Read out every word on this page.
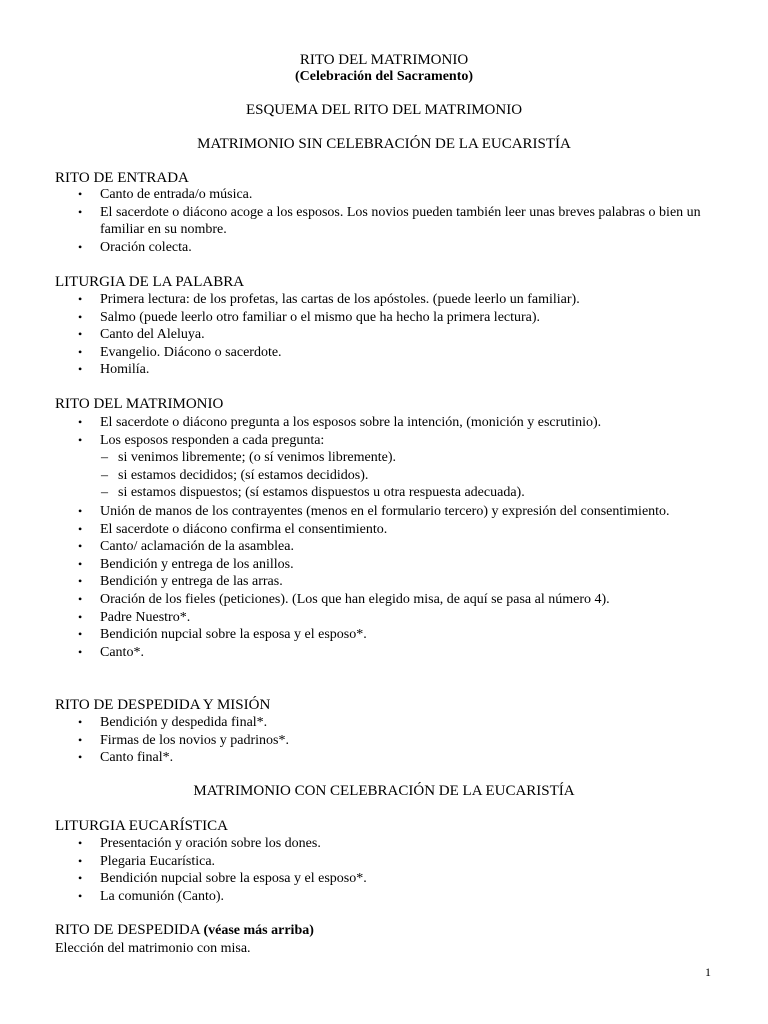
RITO DEL MATRIMONIO
(Celebración del Sacramento)
ESQUEMA DEL RITO DEL MATRIMONIO
MATRIMONIO SIN CELEBRACIÓN DE LA EUCARISTÍA
RITO DE ENTRADA
• Canto de entrada/o música.
• El sacerdote o diácono acoge a los esposos. Los novios pueden también leer unas breves palabras o bien un familiar en su nombre.
• Oración colecta.
LITURGIA DE LA PALABRA
• Primera lectura: de los profetas, las cartas de los apóstoles. (puede leerlo un familiar).
• Salmo (puede leerlo otro familiar o el mismo que ha hecho la primera lectura).
• Canto del Aleluya.
• Evangelio. Diácono o sacerdote.
• Homilía.
RITO DEL MATRIMONIO
• El sacerdote o diácono pregunta a los esposos sobre la intención, (monición y escrutinio).
• Los esposos responden a cada pregunta:
– si venimos libremente; (o sí venimos libremente).
– si estamos decididos; (sí estamos decididos).
– si estamos dispuestos; (sí estamos dispuestos u otra respuesta adecuada).
• Unión de manos de los contrayentes (menos en el formulario tercero) y expresión del consentimiento.
• El sacerdote o diácono confirma el consentimiento.
• Canto/ aclamación de la asamblea.
• Bendición y entrega de los anillos.
• Bendición y entrega de las arras.
• Oración de los fieles (peticiones). (Los que han elegido misa, de aquí se pasa al número 4).
• Padre Nuestro*.
• Bendición nupcial sobre la esposa y el esposo*.
• Canto*.
RITO DE DESPEDIDA Y MISIÓN
• Bendición y despedida final*.
• Firmas de los novios y padrinos*.
• Canto final*.
MATRIMONIO CON CELEBRACIÓN DE LA EUCARISTÍA
LITURGIA EUCARÍSTICA
• Presentación y oración sobre los dones.
• Plegaria Eucarística.
• Bendición nupcial sobre la esposa y el esposo*.
• La comunión (Canto).
RITO DE DESPEDIDA (véase más arriba)
Elección del matrimonio con misa.
1
